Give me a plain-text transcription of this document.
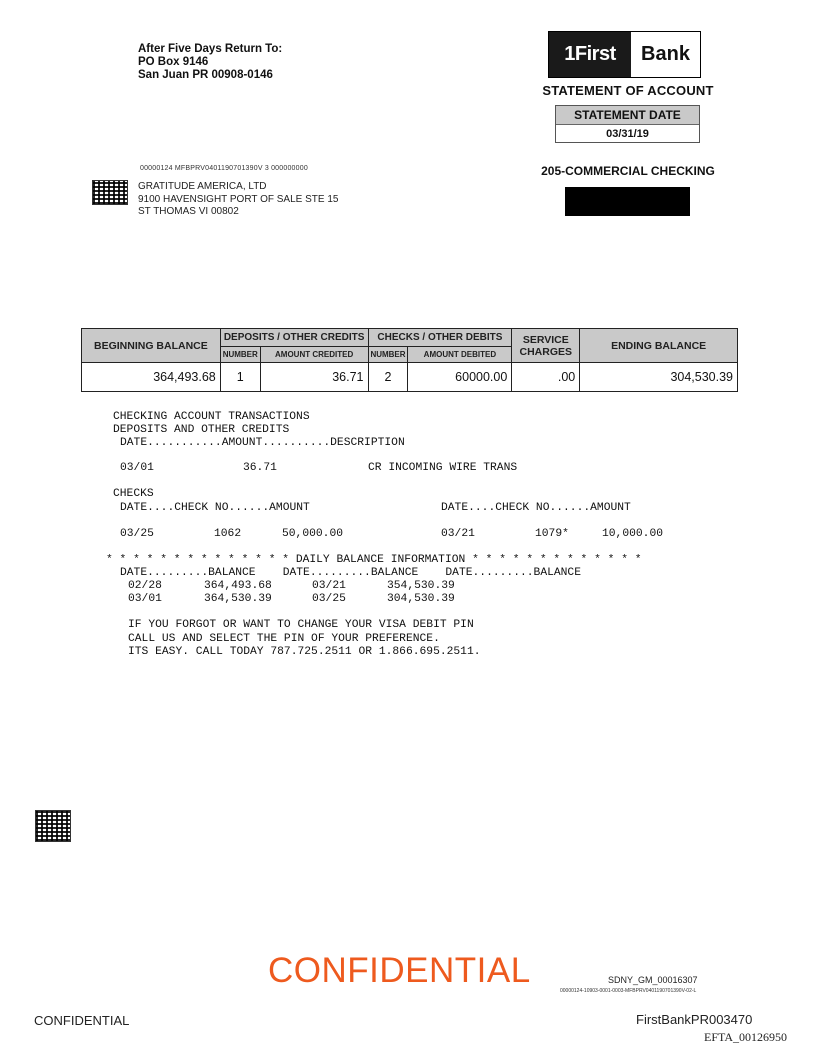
After Five Days Return To:
PO Box 9146
San Juan PR 00908-0146
1First	Bank
STATEMENT OF ACCOUNT
STATEMENT DATE
03/31/19
205-COMMERCIAL CHECKING
00000124 MFBPRV0401190701390V 3 000000000
GRATITUDE AMERICA, LTD
9100 HAVENSIGHT PORT OF SALE STE 15
ST THOMAS VI 00802
BEGINNING BALANCE	DEPOSITS / OTHER CREDITS		CHECKS / OTHER DEBITS		SERVICE CHARGES	ENDING BALANCE
	NUMBER	AMOUNT CREDITED	NUMBER	AMOUNT DEBITED		
364,493.68	1	36.71	2	60000.00	.00	304,530.39
CHECKING ACCOUNT TRANSACTIONS
DEPOSITS AND OTHER CREDITS
DATE...........AMOUNT..........DESCRIPTION
03/01	36.71	CR INCOMING WIRE TRANS
CHECKS
DATE....CHECK NO......AMOUNT	DATE....CHECK NO......AMOUNT
03/25	1062	50,000.00	03/21	1079*	10,000.00
* * * * * * * * * * * * * * DAILY BALANCE INFORMATION * * * * * * * * * * * * *
DATE.........BALANCE    DATE.........BALANCE    DATE.........BALANCE
02/28	364,493.68	03/21	354,530.39
03/01	364,530.39	03/25	304,530.39
IF YOU FORGOT OR WANT TO CHANGE YOUR VISA DEBIT PIN
CALL US AND SELECT THE PIN OF YOUR PREFERENCE.
ITS EASY. CALL TODAY 787.725.2511 OR 1.866.695.2511.
CONFIDENTIAL	SDNY_GM_00016307
00000124-10903-0001-0003-MFBPRV0401190701390V-02-L
CONFIDENTIAL	FirstBankPR003470
EFTA_00126950
